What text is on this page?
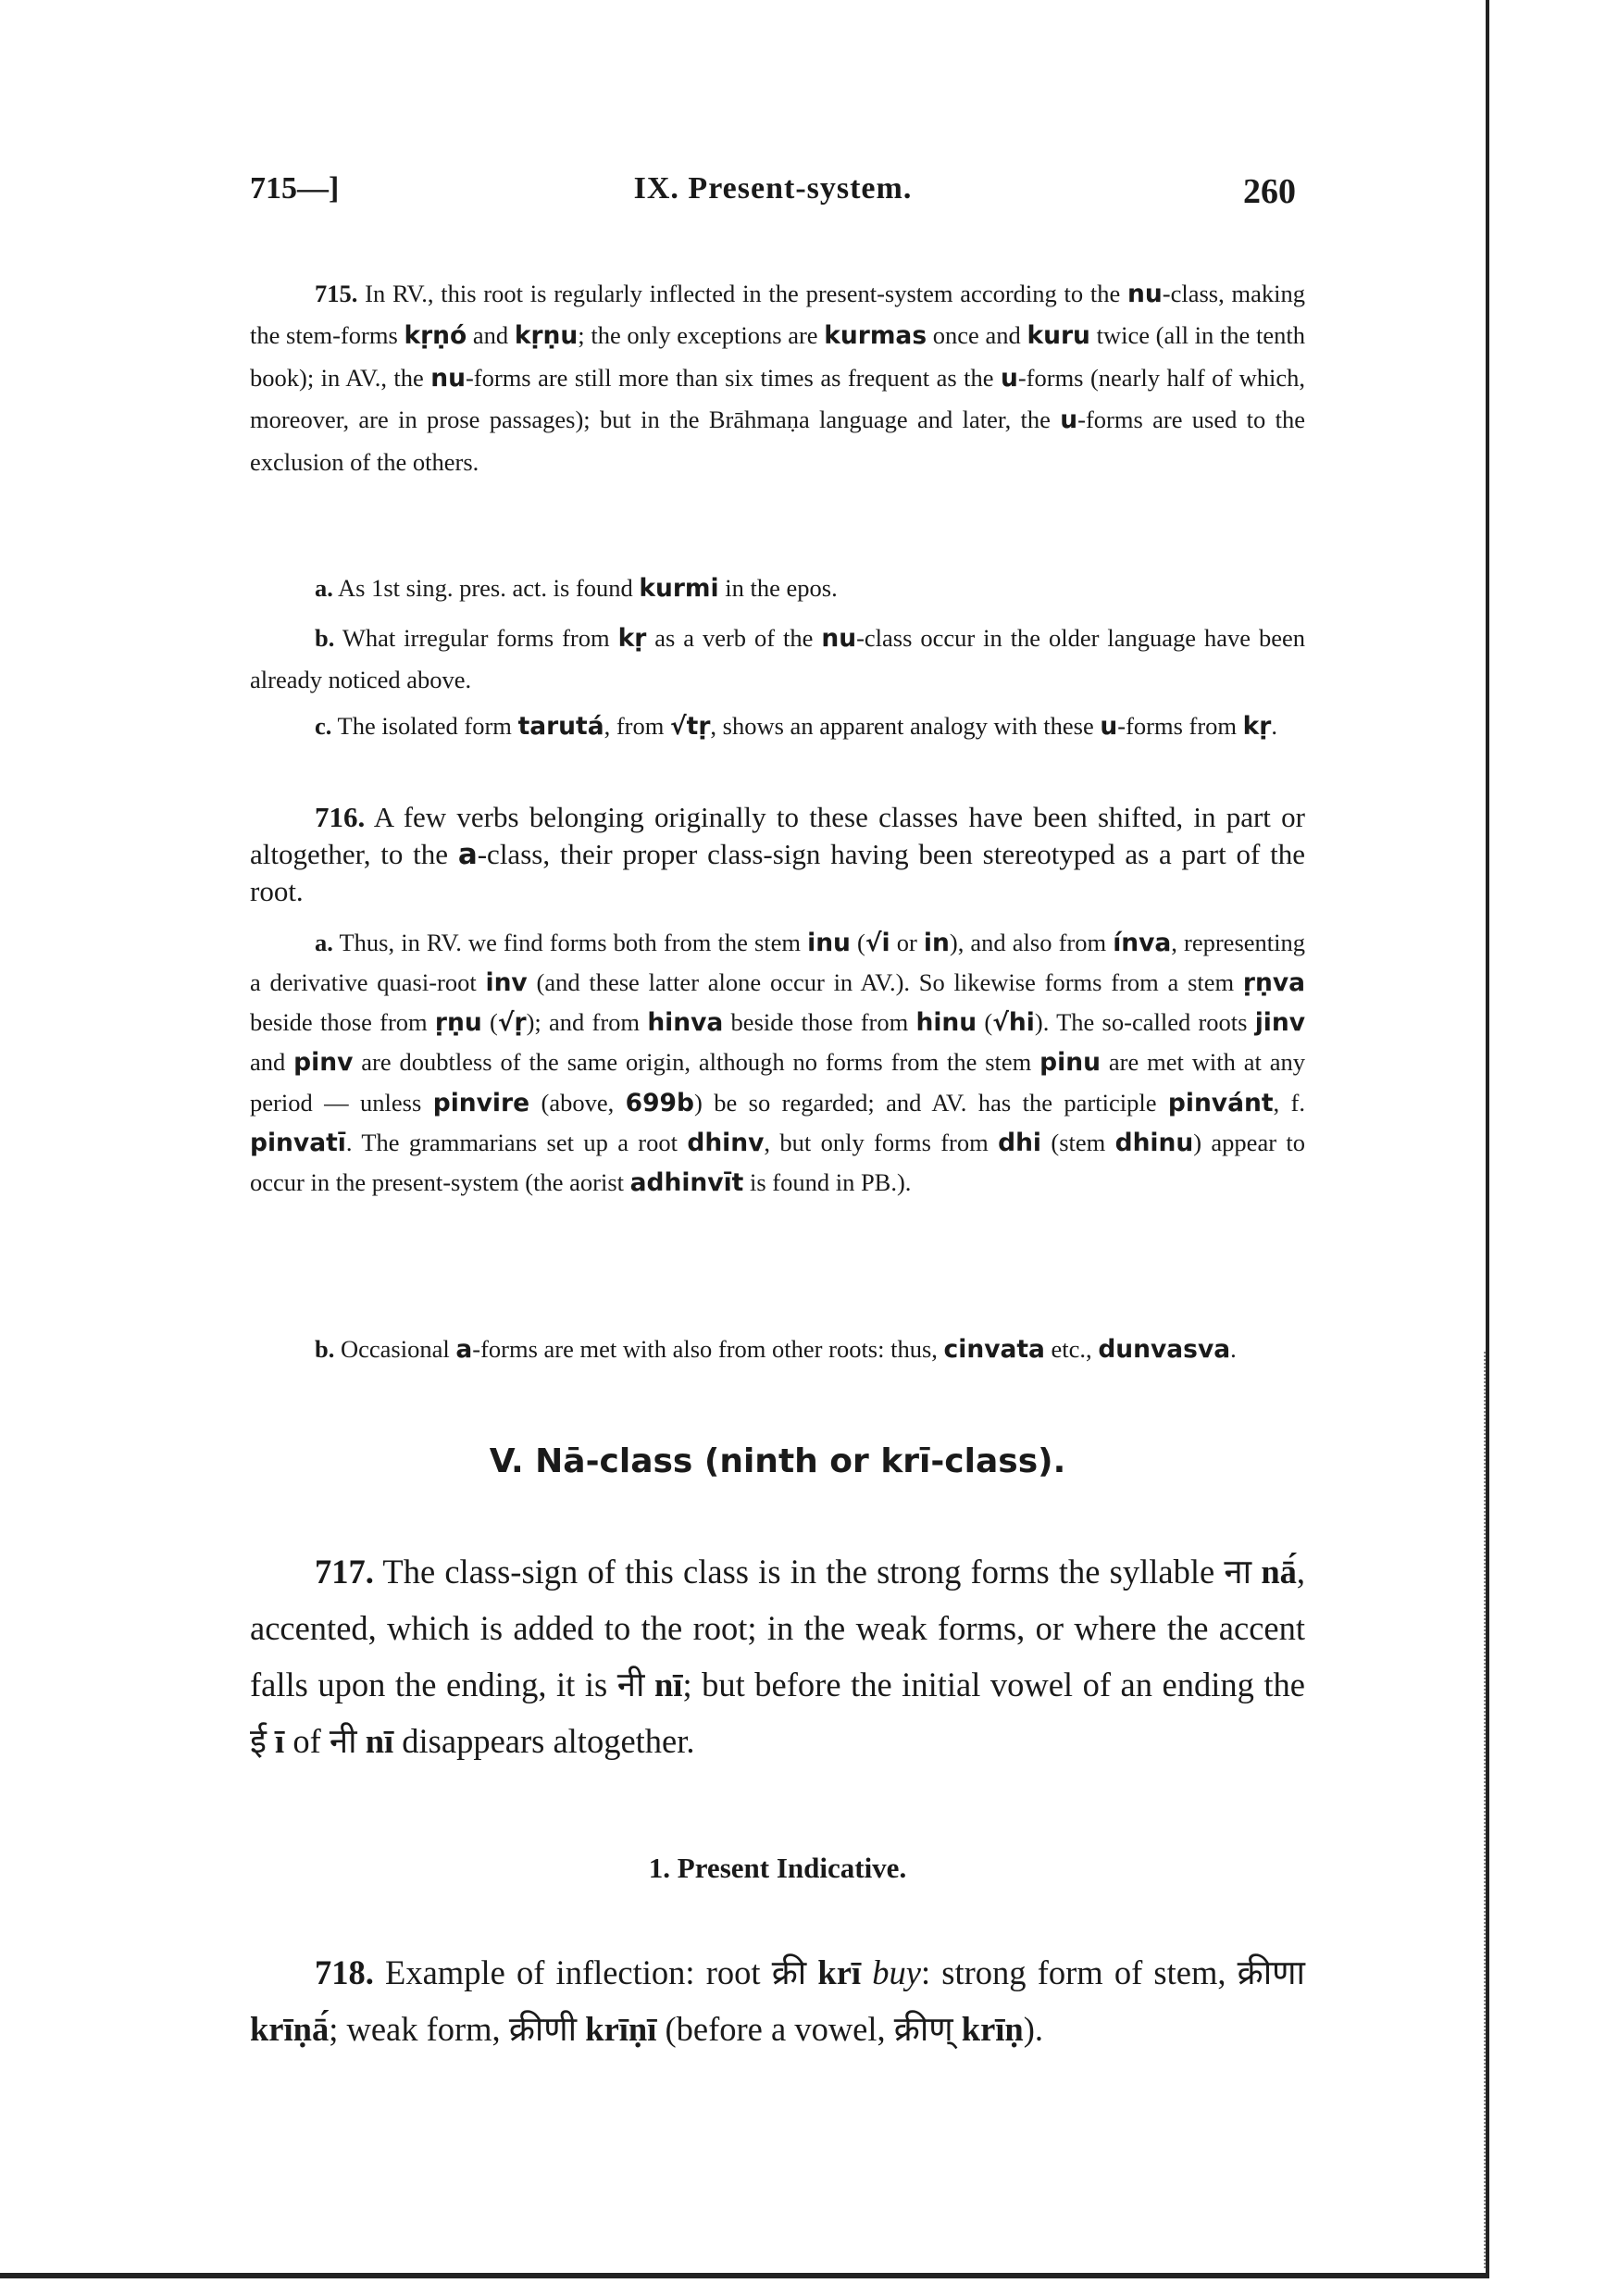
715—]	IX. Present-system.	260

715. In RV., this root is regularly inflected in the present-system according to the nu-class, making the stem-forms kṛṇó and kṛṇu; the only exceptions are kurmas once and kuru twice (all in the tenth book); in AV., the nu-forms are still more than six times as frequent as the u-forms (nearly half of which, moreover, are in prose passages); but in the Brāhmaṇa language and later, the u-forms are used to the exclusion of the others.

a. As 1st sing. pres. act. is found kurmi in the epos.

b. What irregular forms from kṛ as a verb of the nu-class occur in the older language have been already noticed above.

c. The isolated form tarutá, from √tṛ, shows an apparent analogy with these u-forms from kṛ.

716. A few verbs belonging originally to these classes have been shifted, in part or altogether, to the a-class, their proper class-sign having been stereotyped as a part of the root.

a. Thus, in RV. we find forms both from the stem inu (√i or in), and also from ínva, representing a derivative quasi-root inv (and these latter alone occur in AV.). So likewise forms from a stem ṛṇva beside those from ṛṇu (√ṛ); and from hinva beside those from hinu (√hi). The so-called roots jinv and pinv are doubtless of the same origin, although no forms from the stem pinu are met with at any period — unless pinvire (above, 699b) be so regarded; and AV. has the participle pinvánt, f. pinvatī. The grammarians set up a root dhinv, but only forms from dhi (stem dhinu) appear to occur in the present-system (the aorist adhinvīt is found in PB.).

b. Occasional a-forms are met with also from other roots: thus, cinvata etc., dunvasva.

V. Nā-class (ninth or krī-class).

717. The class-sign of this class is in the strong forms the syllable ना nā́, accented, which is added to the root; in the weak forms, or where the accent falls upon the ending, it is नी nī; but before the initial vowel of an ending the ई ī of नी nī disappears altogether.

1. Present Indicative.

718. Example of inflection: root क्री krī buy: strong form of stem, क्रीणा krīṇā́; weak form, क्रीणी krīṇī (before a vowel, क्रीण् krīṇ).
